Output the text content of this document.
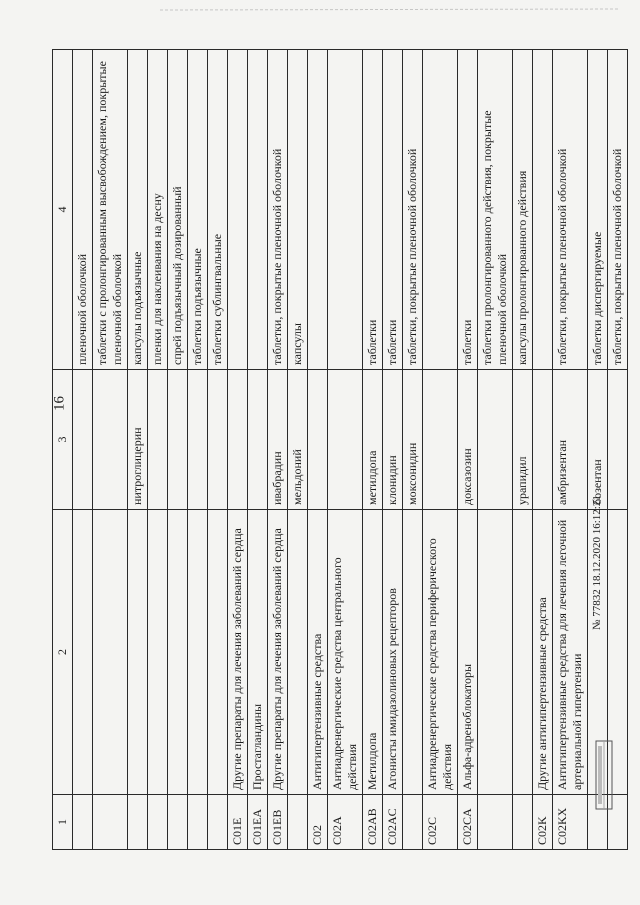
16
1	2	3	4
			пленочной оболочкой
			таблетки с пролонгированным высвобождением, покрытые пленочной оболочкой
		нитроглицерин	капсулы подъязычные
			пленки для наклеивания на десну
			спрей подъязычный дозированный
			таблетки подъязычные
			таблетки сублингвальные
C01E	Другие препараты для лечения заболеваний сердца		
C01EA	Простагландины		
C01EB	Другие препараты для лечения заболеваний сердца	ивабрадин	таблетки, покрытые пленочной оболочкой
		мельдоний	капсулы
C02	Антигипертензивные средства		
C02A	Антиадренергические средства центрального действия		
C02AB	Метилдопа	метилдопа	таблетки
C02AC	Агонисты имидазолиновых рецепторов	клонидин	таблетки
		моксонидин	таблетки, покрытые пленочной оболочкой
C02C	Антиадренергические средства периферического действия		
C02CA	Альфа-адреноблокаторы	доксазозин	таблетки
			таблетки пролонгированного действия, покрытые пленочной оболочкой
		урапидил	капсулы пролонгированного действия
C02K	Другие антигипертензивные средства		
C02KX	Антигипертензивные средства для лечения легочной артериальной гипертензии	амбризентан	таблетки, покрытые пленочной оболочкой
		бозентан	таблетки диспергируемые
			таблетки, покрытые пленочной оболочкой
№ 77832 18.12.2020 16:12:21
